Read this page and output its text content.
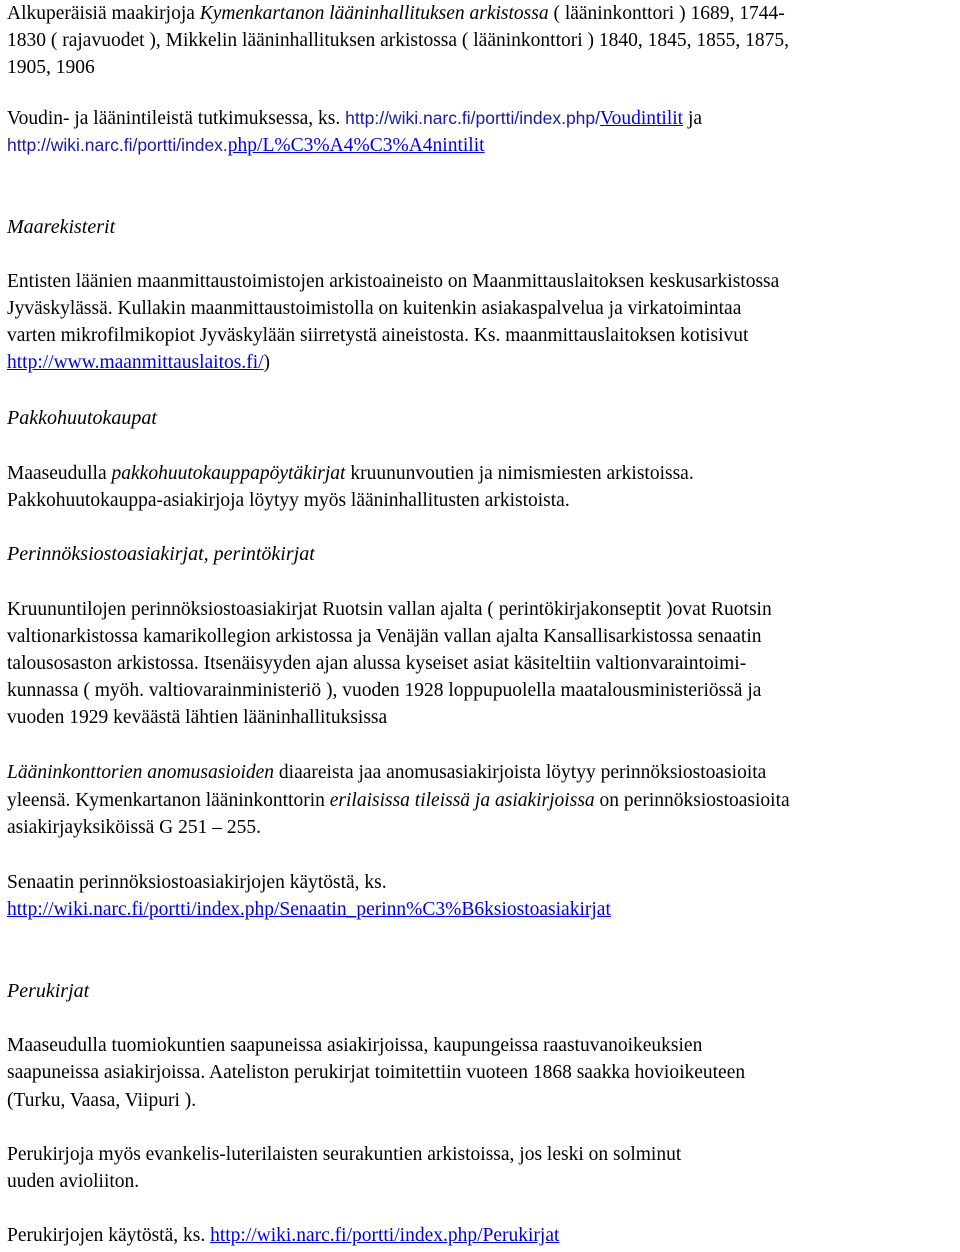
Alkuperäisiä maakirjoja Kymenkartanon lääninhallituksen arkistossa ( lääninkonttori ) 1689, 1744-
1830 ( rajavuodet ), Mikkelin lääninhallituksen arkistossa ( lääninkonttori ) 1840, 1845, 1855, 1875,
1905, 1906
Voudin- ja läänintileistä tutkimuksessa, ks. http://wiki.narc.fi/portti/index.php/Voudintilit ja
http://wiki.narc.fi/portti/index.php/L%C3%A4%C3%A4nintilit
Maarekisterit
Entisten läänien maanmittaustoimistojen arkistoaineisto on Maanmittauslaitoksen keskusarkistossa
Jyväskylässä. Kullakin maanmittaustoimistolla on kuitenkin asiakaspalvelua ja virkatoimintaa
varten mikrofilmikopiot Jyväskylään siirretystä aineistosta. Ks. maanmittauslaitoksen kotisivut
http://www.maanmittauslaitos.fi/)
Pakkohuutokaupat
Maaseudulla pakkohuutokauppapöytäkirjat kruununvoutien ja nimismiesten arkistoissa.
Pakkohuutokauppa-asiakirjoja löytyy myös lääninhallitusten arkistoista.
Perinnöksiostoasiakirjat, perintökirjat
Kruununtilojen perinnöksiostoasiakirjat Ruotsin vallan ajalta ( perintökirjakonseptit )ovat Ruotsin
valtionarkistossa kamarikollegion arkistossa ja Venäjän vallan ajalta Kansallisarkistossa senaatin
talousosaston arkistossa. Itsenäisyyden ajan alussa kyseiset asiat käsiteltiin valtionvaraintoimi-
kunnassa ( myöh. valtiovarainministeriö ), vuoden 1928 loppupuolella maatalousministeriössä ja
vuoden 1929 keväästä lähtien lääninhallituksissa
Lääninkonttorien anomusasioiden diaareista jaa anomusasiakirjoista löytyy perinnöksiostoasioita
yleensä. Kymenkartanon lääninkonttorin erilaisissa tileissä ja asiakirjoissa on perinnöksiostoasioita
asiakirjayksiköissä G 251 – 255.
Senaatin perinnöksiostoasiakirjojen käytöstä, ks.
http://wiki.narc.fi/portti/index.php/Senaatin_perinn%C3%B6ksiostoasiakirjat
Perukirjat
Maaseudulla tuomiokuntien saapuneissa asiakirjoissa, kaupungeissa raastuvanoikeuksien
saapuneissa asiakirjoissa. Aateliston perukirjat toimitettiin vuoteen 1868 saakka hovioikeuteen
(Turku, Vaasa, Viipuri ).
Perukirjoja myös evankelis-luterilaisten seurakuntien arkistoissa, jos leski on solminut
uuden avioliiton.
Perukirjojen käytöstä, ks. http://wiki.narc.fi/portti/index.php/Perukirjat
